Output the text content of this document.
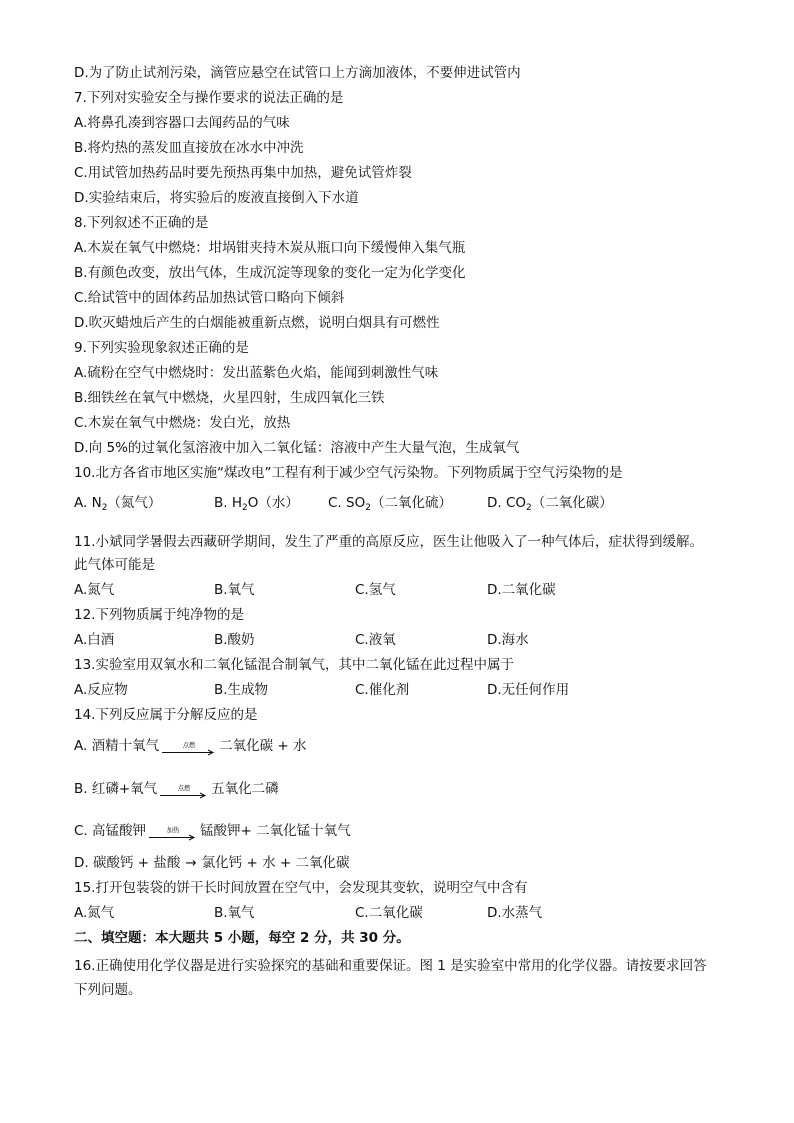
D.为了防止试剂污染，滴管应悬空在试管口上方滴加液体，不要伸进试管内
7.下列对实验安全与操作要求的说法正确的是
A.将鼻孔凑到容器口去闻药品的气味
B.将灼热的蒸发皿直接放在冰水中冲洗
C.用试管加热药品时要先预热再集中加热，避免试管炸裂
D.实验结束后，将实验后的废液直接倒入下水道
8.下列叙述不正确的是
A.木炭在氧气中燃烧：坩埚钳夹持木炭从瓶口向下缓慢伸入集气瓶
B.有颜色改变，放出气体，生成沉淀等现象的变化一定为化学变化
C.给试管中的固体药品加热试管口略向下倾斜
D.吹灭蜡烛后产生的白烟能被重新点燃，说明白烟具有可燃性
9.下列实验现象叙述正确的是
A.硫粉在空气中燃烧时：发出蓝紫色火焰，能闻到刺激性气味
B.细铁丝在氧气中燃烧，火星四射，生成四氧化三铁
C.木炭在氧气中燃烧：发白光，放热
D.向 5%的过氧化氢溶液中加入二氧化锰：溶液中产生大量气泡，生成氧气
10.北方各省市地区实施“煤改电”工程有利于减少空气污染物。下列物质属于空气污染物的是
A. $N_2$（氮气）	B. $H_2O$（水） C. $SO_2$（二氧化硫）	D. $CO_2$（二氧化碳）
11.小斌同学暑假去西藏研学期间，发生了严重的高原反应，医生让他吸入了一种气体后，症状得到缓解。
此气体可能是
A.氮气	B.氧气	C.氢气	D.二氧化碳
12.下列物质属于纯净物的是
A.白酒	B.酸奶	C.液氧	D.海水
13.实验室用双氧水和二氧化锰混合制氧气，其中二氧化锰在此过程中属于
A.反应物	B.生成物	C.催化剂	D.无任何作用
14.下列反应属于分解反应的是
A. 酒精十氧气	点燃 二氧化碳 + 水
B. 红磷+氧气	点燃 五氧化二磷
C. 高锰酸钾	加热 锰酸钾+ 二氧化锰十氧气
D. 碳酸钙 + 盐酸 → 氯化钙 + 水 + 二氧化碳
15.打开包装袋的饼干长时间放置在空气中，会发现其变软，说明空气中含有
A.氮气	B.氧气	C.二氧化碳	D.水蒸气
二、填空题：本大题共 5 小题，每空 2 分，共 30 分。
16.正确使用化学仪器是进行实验探究的基础和重要保证。图 1 是实验室中常用的化学仪器。请按要求回答
下列问题。
